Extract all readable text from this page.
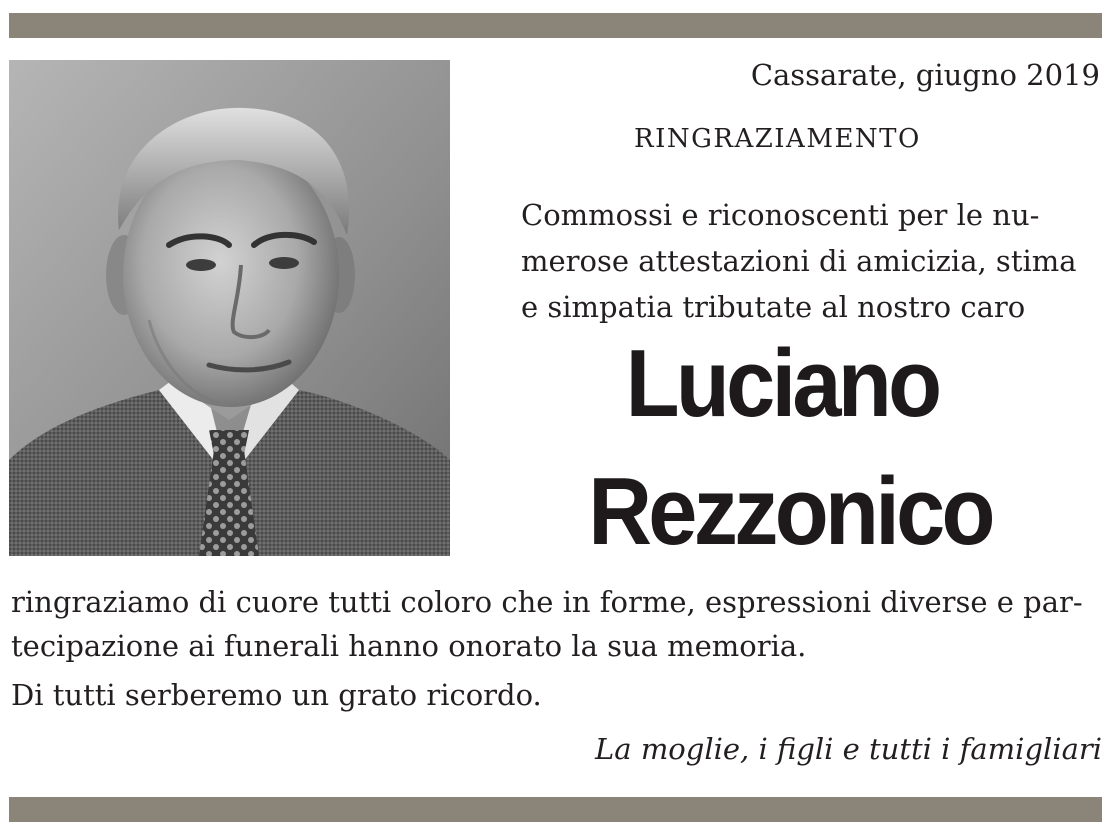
Cassarate, giugno 2019
RINGRAZIAMENTO
Commossi e riconoscenti per le nu-
merose attestazioni di amicizia, stima
e simpatia tributate al nostro caro
Luciano
Rezzonico
ringraziamo di cuore tutti coloro che in forme, espressioni diverse e par-
tecipazione ai funerali hanno onorato la sua memoria.
Di tutti serberemo un grato ricordo.
La moglie, i figli e tutti i famigliari
